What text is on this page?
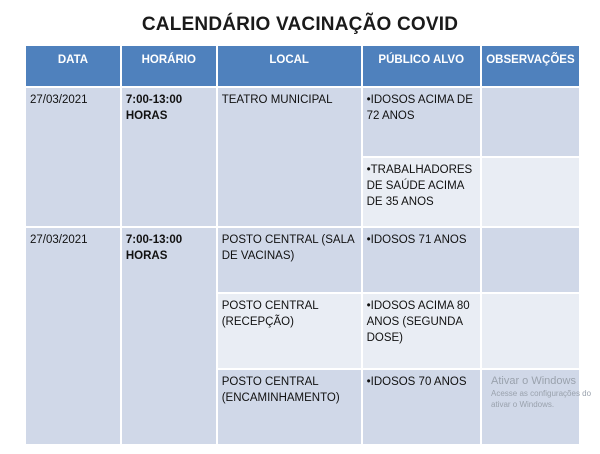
CALENDÁRIO VACINAÇÃO COVID
DATA	HORÁRIO	LOCAL	PÚBLICO ALVO	OBSERVAÇÕES
27/03/2021	7:00-13:00 HORAS	TEATRO MUNICIPAL	•IDOSOS ACIMA DE 72 ANOS	
			•TRABALHADORES DE SAÚDE ACIMA DE 35 ANOS	
27/03/2021	7:00-13:00 HORAS	POSTO CENTRAL (SALA DE VACINAS)	•IDOSOS 71 ANOS	
		POSTO CENTRAL (RECEPÇÃO)	•IDOSOS ACIMA 80 ANOS (SEGUNDA DOSE)	
		POSTO CENTRAL (ENCAMINHAMENTO)	•IDOSOS 70 ANOS	Ativar o Windows
Acesse as configurações do
ativar o Windows.
